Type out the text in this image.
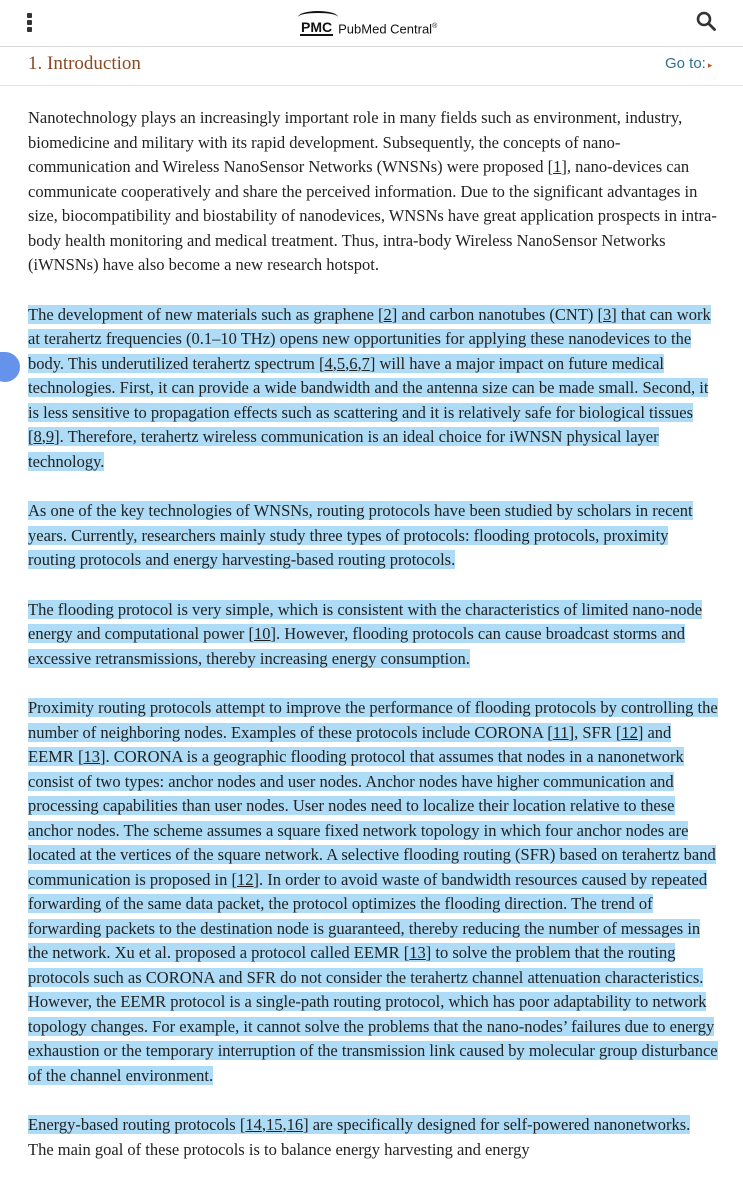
PMC PubMed Central®
1. Introduction	Go to: ▸

Nanotechnology plays an increasingly important role in many fields such as environment, industry, biomedicine and military with its rapid development. Subsequently, the concepts of nano-communication and Wireless NanoSensor Networks (WNSNs) were proposed [1], nano-devices can communicate cooperatively and share the perceived information. Due to the significant advantages in size, biocompatibility and biostability of nanodevices, WNSNs have great application prospects in intra-body health monitoring and medical treatment. Thus, intra-body Wireless NanoSensor Networks (iWNSNs) have also become a new research hotspot.

The development of new materials such as graphene [2] and carbon nanotubes (CNT) [3] that can work at terahertz frequencies (0.1–10 THz) opens new opportunities for applying these nanodevices to the body. This underutilized terahertz spectrum [4,5,6,7] will have a major impact on future medical technologies. First, it can provide a wide bandwidth and the antenna size can be made small. Second, it is less sensitive to propagation effects such as scattering and it is relatively safe for biological tissues [8,9]. Therefore, terahertz wireless communication is an ideal choice for iWNSN physical layer technology.

As one of the key technologies of WNSNs, routing protocols have been studied by scholars in recent years. Currently, researchers mainly study three types of protocols: flooding protocols, proximity routing protocols and energy harvesting-based routing protocols.

The flooding protocol is very simple, which is consistent with the characteristics of limited nano-node energy and computational power [10]. However, flooding protocols can cause broadcast storms and excessive retransmissions, thereby increasing energy consumption.

Proximity routing protocols attempt to improve the performance of flooding protocols by controlling the number of neighboring nodes. Examples of these protocols include CORONA [11], SFR [12] and EEMR [13]. CORONA is a geographic flooding protocol that assumes that nodes in a nanonetwork consist of two types: anchor nodes and user nodes. Anchor nodes have higher communication and processing capabilities than user nodes. User nodes need to localize their location relative to these anchor nodes. The scheme assumes a square fixed network topology in which four anchor nodes are located at the vertices of the square network. A selective flooding routing (SFR) based on terahertz band communication is proposed in [12]. In order to avoid waste of bandwidth resources caused by repeated forwarding of the same data packet, the protocol optimizes the flooding direction. The trend of forwarding packets to the destination node is guaranteed, thereby reducing the number of messages in the network. Xu et al. proposed a protocol called EEMR [13] to solve the problem that the routing protocols such as CORONA and SFR do not consider the terahertz channel attenuation characteristics. However, the EEMR protocol is a single-path routing protocol, which has poor adaptability to network topology changes. For example, it cannot solve the problems that the nano-nodes’ failures due to energy exhaustion or the temporary interruption of the transmission link caused by molecular group disturbance of the channel environment.

Energy-based routing protocols [14,15,16] are specifically designed for self-powered nanonetworks. The main goal of these protocols is to balance energy harvesting and energy
